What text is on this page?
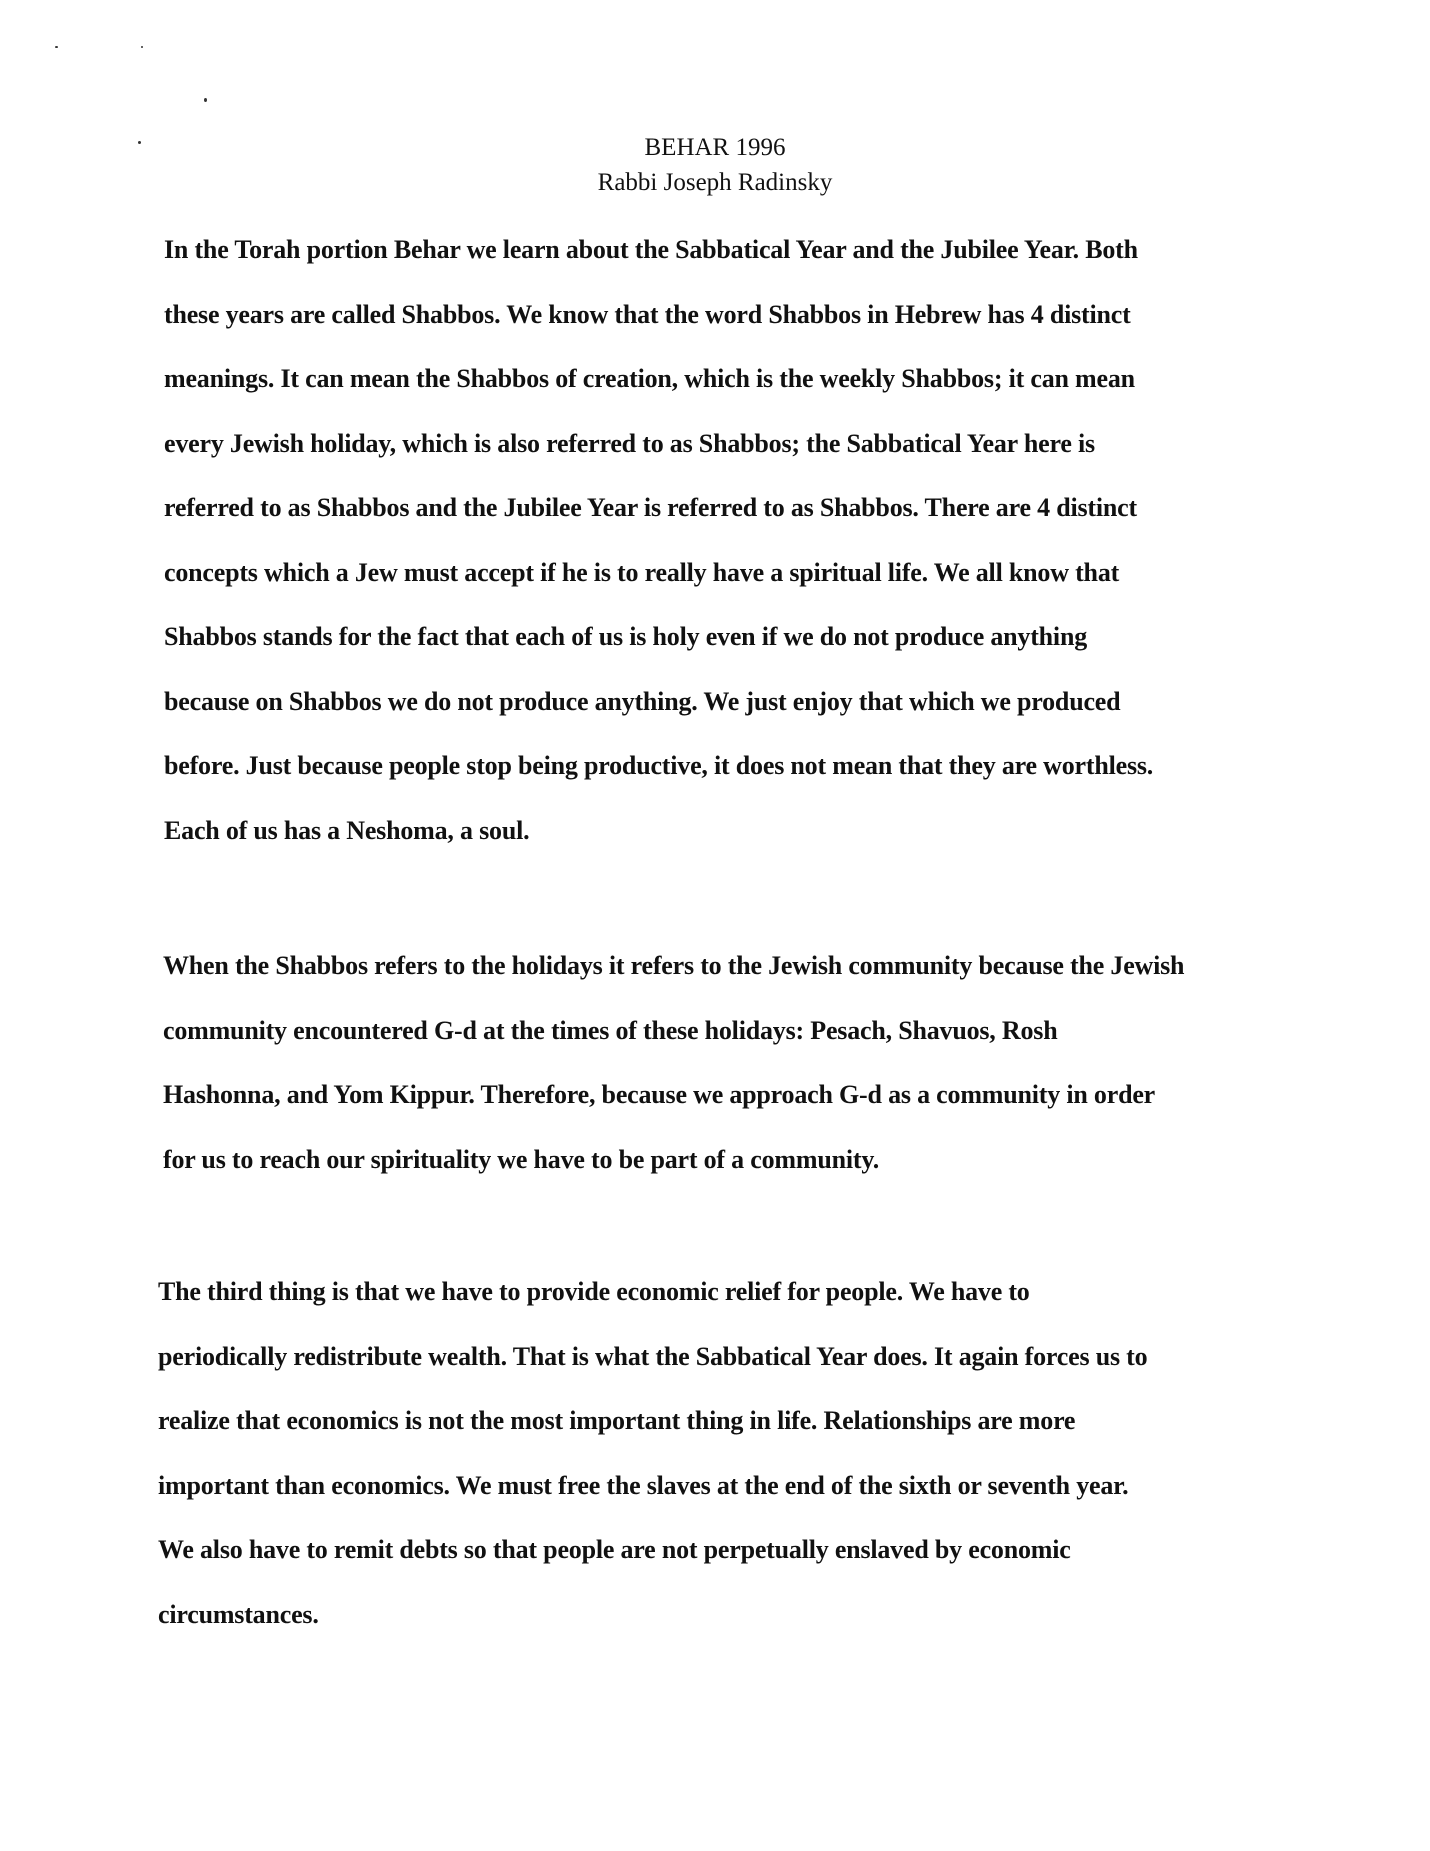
BEHAR 1996
Rabbi Joseph Radinsky

In the Torah portion Behar we learn about the Sabbatical Year and the Jubilee Year. Both
these years are called Shabbos. We know that the word Shabbos in Hebrew has 4 distinct
meanings. It can mean the Shabbos of creation, which is the weekly Shabbos; it can mean
every Jewish holiday, which is also referred to as Shabbos; the Sabbatical Year here is
referred to as Shabbos and the Jubilee Year is referred to as Shabbos. There are 4 distinct
concepts which a Jew must accept if he is to really have a spiritual life. We all know that
Shabbos stands for the fact that each of us is holy even if we do not produce anything
because on Shabbos we do not produce anything. We just enjoy that which we produced
before. Just because people stop being productive, it does not mean that they are worthless.
Each of us has a Neshoma, a soul.

When the Shabbos refers to the holidays it refers to the Jewish community because the Jewish
community encountered G-d at the times of these holidays: Pesach, Shavuos, Rosh
Hashonna, and Yom Kippur. Therefore, because we approach G-d as a community in order
for us to reach our spirituality we have to be part of a community.

The third thing is that we have to provide economic relief for people. We have to
periodically redistribute wealth. That is what the Sabbatical Year does. It again forces us to
realize that economics is not the most important thing in life. Relationships are more
important than economics. We must free the slaves at the end of the sixth or seventh year.
We also have to remit debts so that people are not perpetually enslaved by economic
circumstances.
